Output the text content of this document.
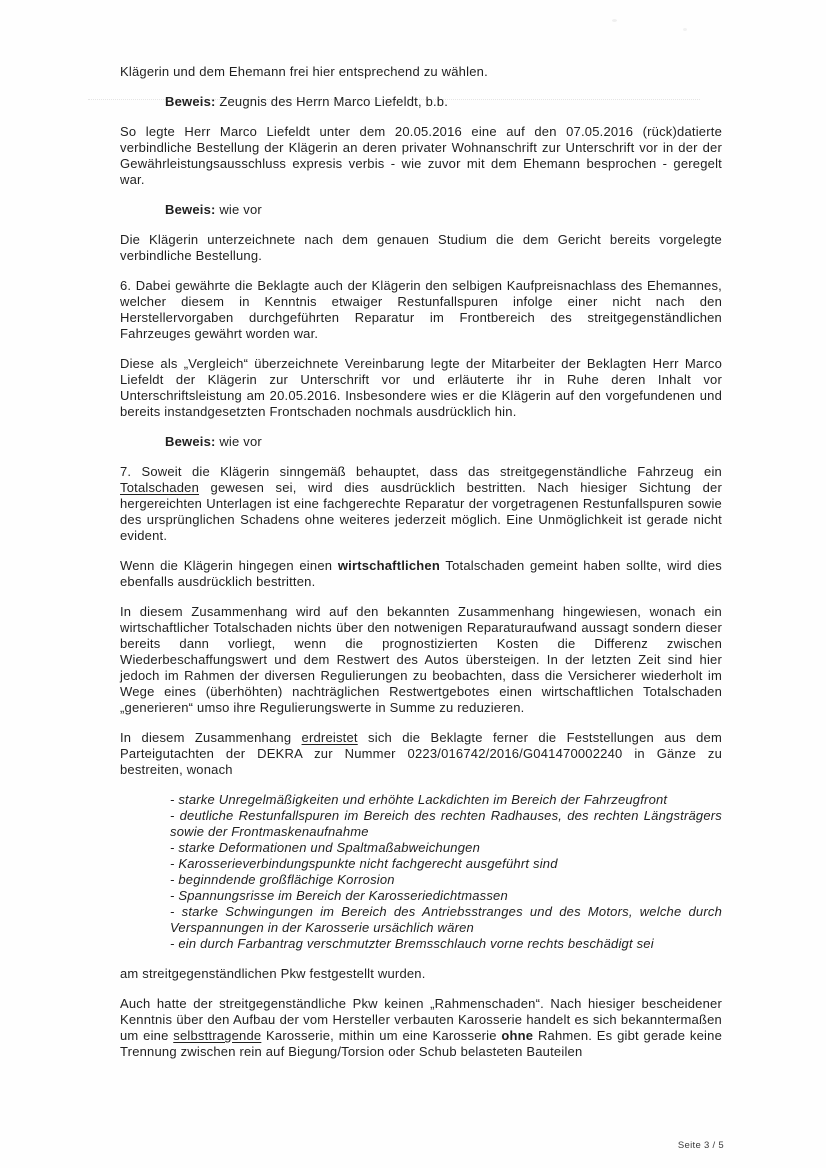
Klägerin und dem Ehemann frei hier entsprechend zu wählen.

Beweis: Zeugnis des Herrn Marco Liefeldt, b.b.

So legte Herr Marco Liefeldt unter dem 20.05.2016 eine auf den 07.05.2016 (rück)datierte verbindliche Bestellung der Klägerin an deren privater Wohnanschrift zur Unterschrift vor in der der Gewährleistungsausschluss expresis verbis - wie zuvor mit dem Ehemann besprochen - geregelt war.

Beweis: wie vor

Die Klägerin unterzeichnete nach dem genauen Studium die dem Gericht bereits vorgelegte verbindliche Bestellung.

6. Dabei gewährte die Beklagte auch der Klägerin den selbigen Kaufpreisnachlass des Ehemannes, welcher diesem in Kenntnis etwaiger Restunfallspuren infolge einer nicht nach den Herstellervorgaben durchgeführten Reparatur im Frontbereich des streitgegenständlichen Fahrzeuges gewährt worden war.

Diese als „Vergleich“ überzeichnete Vereinbarung legte der Mitarbeiter der Beklagten Herr Marco Liefeldt der Klägerin zur Unterschrift vor und erläuterte ihr in Ruhe deren Inhalt vor Unterschriftsleistung am 20.05.2016. Insbesondere wies er die Klägerin auf den vorgefundenen und bereits instandgesetzten Frontschaden nochmals ausdrücklich hin.

Beweis: wie vor

7. Soweit die Klägerin sinngemäß behauptet, dass das streitgegenständliche Fahrzeug ein Totalschaden gewesen sei, wird dies ausdrücklich bestritten. Nach hiesiger Sichtung der hergereichten Unterlagen ist eine fachgerechte Reparatur der vorgetragenen Restunfallspuren sowie des ursprünglichen Schadens ohne weiteres jederzeit möglich. Eine Unmöglichkeit ist gerade nicht evident.

Wenn die Klägerin hingegen einen wirtschaftlichen Totalschaden gemeint haben sollte, wird dies ebenfalls ausdrücklich bestritten.

In diesem Zusammenhang wird auf den bekannten Zusammenhang hingewiesen, wonach ein wirtschaftlicher Totalschaden nichts über den notwenigen Reparaturaufwand aussagt sondern dieser bereits dann vorliegt, wenn die prognostizierten Kosten die Differenz zwischen Wiederbeschaffungswert und dem Restwert des Autos übersteigen. In der letzten Zeit sind hier jedoch im Rahmen der diversen Regulierungen zu beobachten, dass die Versicherer wiederholt im Wege eines (überhöhten) nachträglichen Restwertgebotes einen wirtschaftlichen Totalschaden „generieren“ umso ihre Regulierungswerte in Summe zu reduzieren.

In diesem Zusammenhang erdreistet sich die Beklagte ferner die Feststellungen aus dem Parteigutachten der DEKRA zur Nummer 0223/016742/2016/G041470002240 in Gänze zu bestreiten, wonach

- starke Unregelmäßigkeiten und erhöhte Lackdichten im Bereich der Fahrzeugfront
- deutliche Restunfallspuren im Bereich des rechten Radhauses, des rechten Längsträgers sowie der Frontmaskenaufnahme
- starke Deformationen und Spaltmaßabweichungen
- Karosserieverbindungspunkte nicht fachgerecht ausgeführt sind
- beginndende großflächige Korrosion
- Spannungsrisse im Bereich der Karosseriedichtmassen
- starke Schwingungen im Bereich des Antriebsstranges und des Motors, welche durch Verspannungen in der Karosserie ursächlich wären
- ein durch Farbantrag verschmutzter Bremsschlauch vorne rechts beschädigt sei

am streitgegenständlichen Pkw festgestellt wurden.

Auch hatte der streitgegenständliche Pkw keinen „Rahmenschaden“. Nach hiesiger bescheidener Kenntnis über den Aufbau der vom Hersteller verbauten Karosserie handelt es sich bekanntermaßen um eine selbsttragende Karosserie, mithin um eine Karosserie ohne Rahmen. Es gibt gerade keine Trennung zwischen rein auf Biegung/Torsion oder Schub belasteten Bauteilen

Seite 3 / 5
